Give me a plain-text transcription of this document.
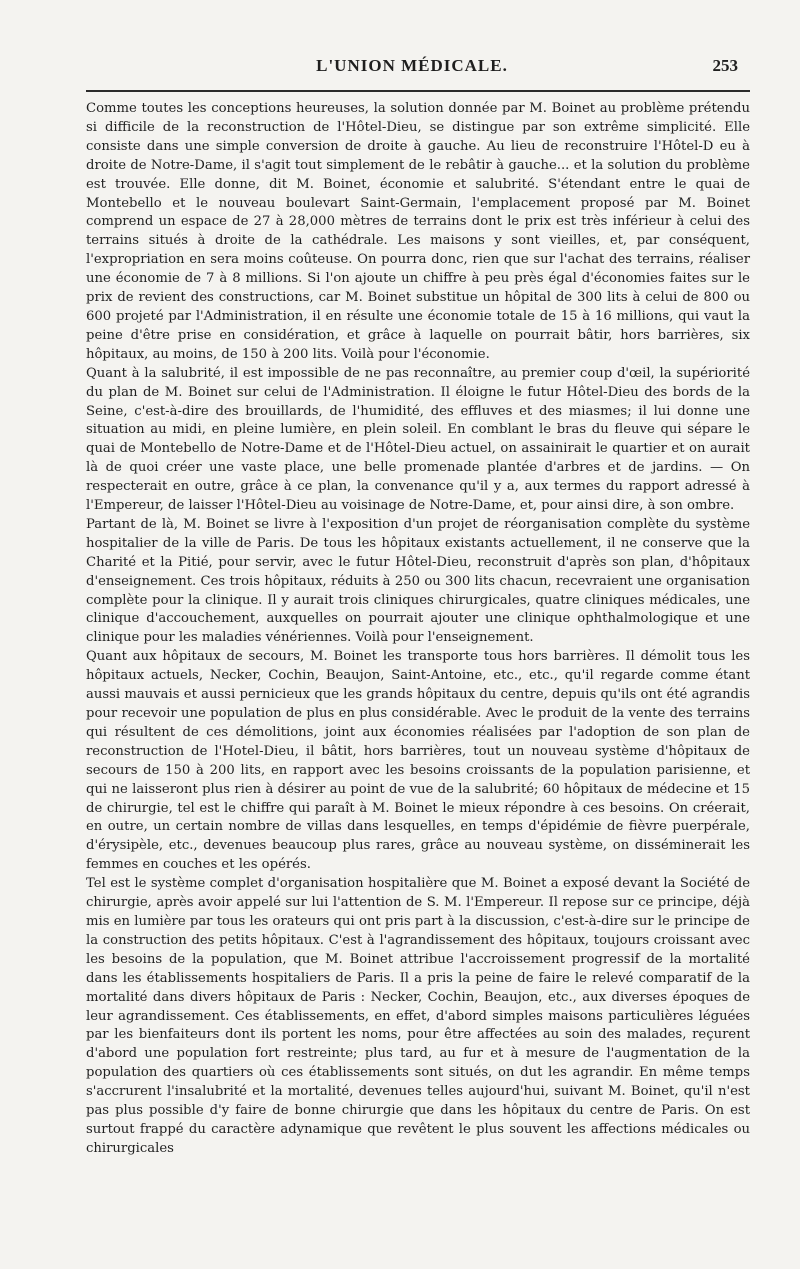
L'UNION MÉDICALE.	253

Comme toutes les conceptions heureuses, la solution donnée par M. Boinet au problème prétendu si difficile de la reconstruction de l'Hôtel-Dieu, se distingue par son extrême simplicité. Elle consiste dans une simple conversion de droite à gauche. Au lieu de reconstruire l'Hôtel-D eu à droite de Notre-Dame, il s'agit tout simplement de le rebâtir à gauche... et la solution du problème est trouvée. Elle donne, dit M. Boinet, économie et salubrité. S'étendant entre le quai de Montebello et le nouveau boulevart Saint-Germain, l'emplacement proposé par M. Boinet comprend un espace de 27 à 28,000 mètres de terrains dont le prix est très inférieur à celui des terrains situés à droite de la cathédrale. Les maisons y sont vieilles, et, par conséquent, l'expropriation en sera moins coûteuse. On pourra donc, rien que sur l'achat des terrains, réaliser une économie de 7 à 8 millions. Si l'on ajoute un chiffre à peu près égal d'économies faites sur le prix de revient des constructions, car M. Boinet substitue un hôpital de 300 lits à celui de 800 ou 600 projeté par l'Administration, il en résulte une économie totale de 15 à 16 millions, qui vaut la peine d'être prise en considération, et grâce à laquelle on pourrait bâtir, hors barrières, six hôpitaux, au moins, de 150 à 200 lits. Voilà pour l'économie.

Quant à la salubrité, il est impossible de ne pas reconnaître, au premier coup d'œil, la supériorité du plan de M. Boinet sur celui de l'Administration. Il éloigne le futur Hôtel-Dieu des bords de la Seine, c'est-à-dire des brouillards, de l'humidité, des effluves et des miasmes; il lui donne une situation au midi, en pleine lumière, en plein soleil. En comblant le bras du fleuve qui sépare le quai de Montebello de Notre-Dame et de l'Hôtel-Dieu actuel, on assainirait le quartier et on aurait là de quoi créer une vaste place, une belle promenade plantée d'arbres et de jardins. — On respecterait en outre, grâce à ce plan, la convenance qu'il y a, aux termes du rapport adressé à l'Empereur, de laisser l'Hôtel-Dieu au voisinage de Notre-Dame, et, pour ainsi dire, à son ombre.

Partant de là, M. Boinet se livre à l'exposition d'un projet de réorganisation complète du système hospitalier de la ville de Paris. De tous les hôpitaux existants actuellement, il ne conserve que la Charité et la Pitié, pour servir, avec le futur Hôtel-Dieu, reconstruit d'après son plan, d'hôpitaux d'enseignement. Ces trois hôpitaux, réduits à 250 ou 300 lits chacun, recevraient une organisation complète pour la clinique. Il y aurait trois cliniques chirurgicales, quatre cliniques médicales, une clinique d'accouchement, auxquelles on pourrait ajouter une clinique ophthalmologique et une clinique pour les maladies vénériennes. Voilà pour l'enseignement.

Quant aux hôpitaux de secours, M. Boinet les transporte tous hors barrières. Il démolit tous les hôpitaux actuels, Necker, Cochin, Beaujon, Saint-Antoine, etc., etc., qu'il regarde comme étant aussi mauvais et aussi pernicieux que les grands hôpitaux du centre, depuis qu'ils ont été agrandis pour recevoir une population de plus en plus considérable. Avec le produit de la vente des terrains qui résultent de ces démolitions, joint aux économies réalisées par l'adoption de son plan de reconstruction de l'Hotel-Dieu, il bâtit, hors barrières, tout un nouveau système d'hôpitaux de secours de 150 à 200 lits, en rapport avec les besoins croissants de la population parisienne, et qui ne laisseront plus rien à désirer au point de vue de la salubrité; 60 hôpitaux de médecine et 15 de chirurgie, tel est le chiffre qui paraît à M. Boinet le mieux répondre à ces besoins. On créerait, en outre, un certain nombre de villas dans lesquelles, en temps d'épidémie de fièvre puerpérale, d'érysipèle, etc., devenues beaucoup plus rares, grâce au nouveau système, on disséminerait les femmes en couches et les opérés.

Tel est le système complet d'organisation hospitalière que M. Boinet a exposé devant la Société de chirurgie, après avoir appelé sur lui l'attention de S. M. l'Empereur. Il repose sur ce principe, déjà mis en lumière par tous les orateurs qui ont pris part à la discussion, c'est-à-dire sur le principe de la construction des petits hôpitaux. C'est à l'agrandissement des hôpitaux, toujours croissant avec les besoins de la population, que M. Boinet attribue l'accroissement progressif de la mortalité dans les établissements hospitaliers de Paris. Il a pris la peine de faire le relevé comparatif de la mortalité dans divers hôpitaux de Paris : Necker, Cochin, Beaujon, etc., aux diverses époques de leur agrandissement. Ces établissements, en effet, d'abord simples maisons particulières léguées par les bienfaiteurs dont ils portent les noms, pour être affectées au soin des malades, reçurent d'abord une population fort restreinte; plus tard, au fur et à mesure de l'augmentation de la population des quartiers où ces établissements sont situés, on dut les agrandir. En même temps s'accrurent l'insalubrité et la mortalité, devenues telles aujourd'hui, suivant M. Boinet, qu'il n'est pas plus possible d'y faire de bonne chirurgie que dans les hôpitaux du centre de Paris. On est surtout frappé du caractère adynamique que revêtent le plus souvent les affections médicales ou chirurgicales
